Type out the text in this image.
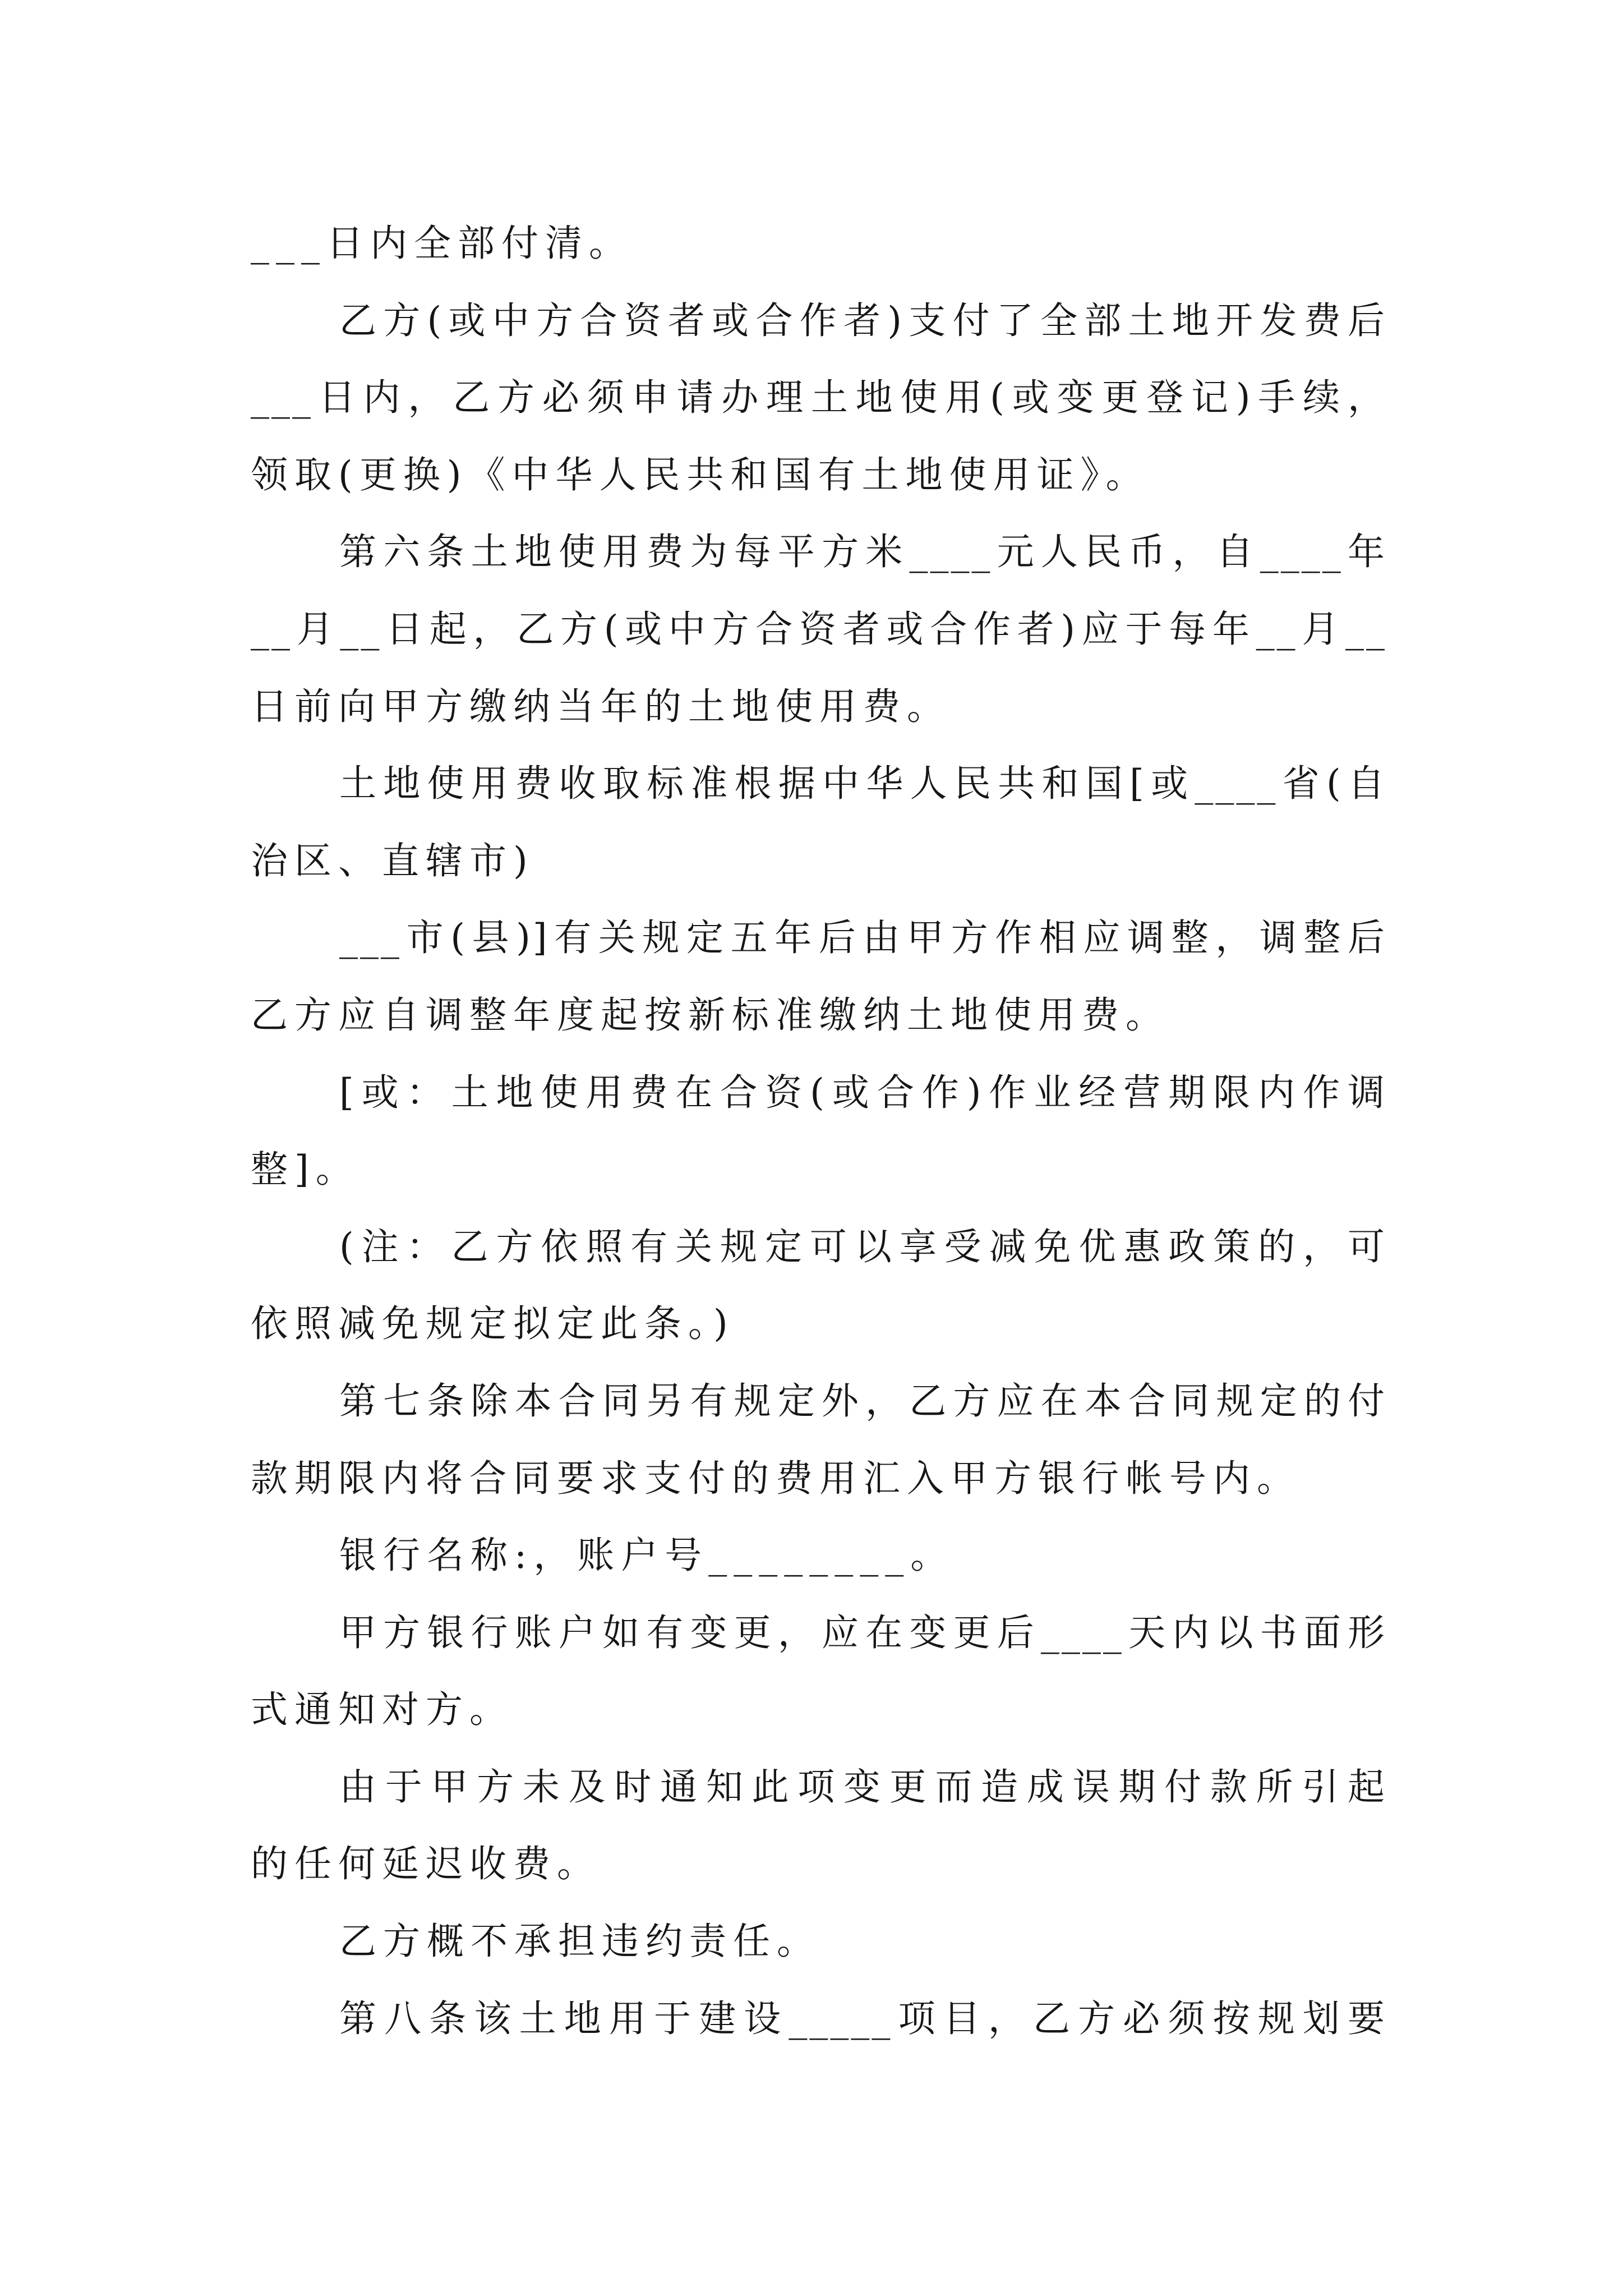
___日内全部付清。
乙方(或中方合资者或合作者)支付了全部土地开发费后
___日内，乙方必须申请办理土地使用(或变更登记)手续，
领取(更换)《中华人民共和国有土地使用证》。
第六条土地使用费为每平方米____元人民币，自____年
__月__日起，乙方(或中方合资者或合作者)应于每年__月__
日前向甲方缴纳当年的土地使用费。
土地使用费收取标准根据中华人民共和国[或____省(自
治区、直辖市)
___市(县)]有关规定五年后由甲方作相应调整，调整后
乙方应自调整年度起按新标准缴纳土地使用费。
[或：土地使用费在合资(或合作)作业经营期限内作调
整]。
(注：乙方依照有关规定可以享受减免优惠政策的，可
依照减免规定拟定此条。)
第七条除本合同另有规定外，乙方应在本合同规定的付
款期限内将合同要求支付的费用汇入甲方银行帐号内。
银行名称:，账户号________。
甲方银行账户如有变更，应在变更后____天内以书面形
式通知对方。
由于甲方未及时通知此项变更而造成误期付款所引起
的任何延迟收费。
乙方概不承担违约责任。
第八条该土地用于建设_____项目，乙方必须按规划要
